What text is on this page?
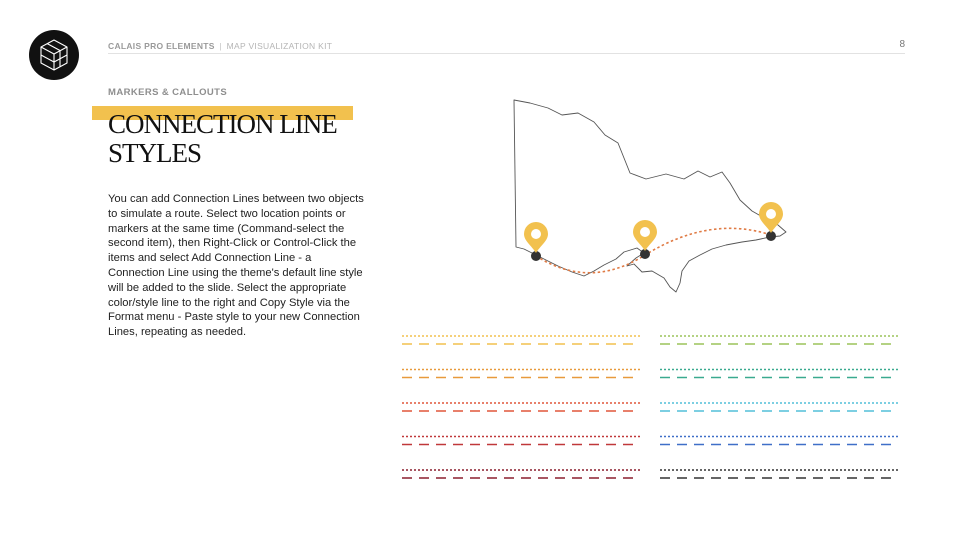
CALAIS PRO ELEMENTS | MAP VISUALIZATION KIT	8
MARKERS & CALLOUTS
CONNECTION LINE
STYLES

You can add Connection Lines between two objects to simulate a route. Select two location points or markers at the same time (Command-select the second item), then Right-Click or Control-Click the items and select Add Connection Line - a Connection Line using the theme's default line style will be added to the slide. Select the appropriate color/style line to the right and Copy Style via the Format menu - Paste style to your new Connection Lines, repeating as needed.
